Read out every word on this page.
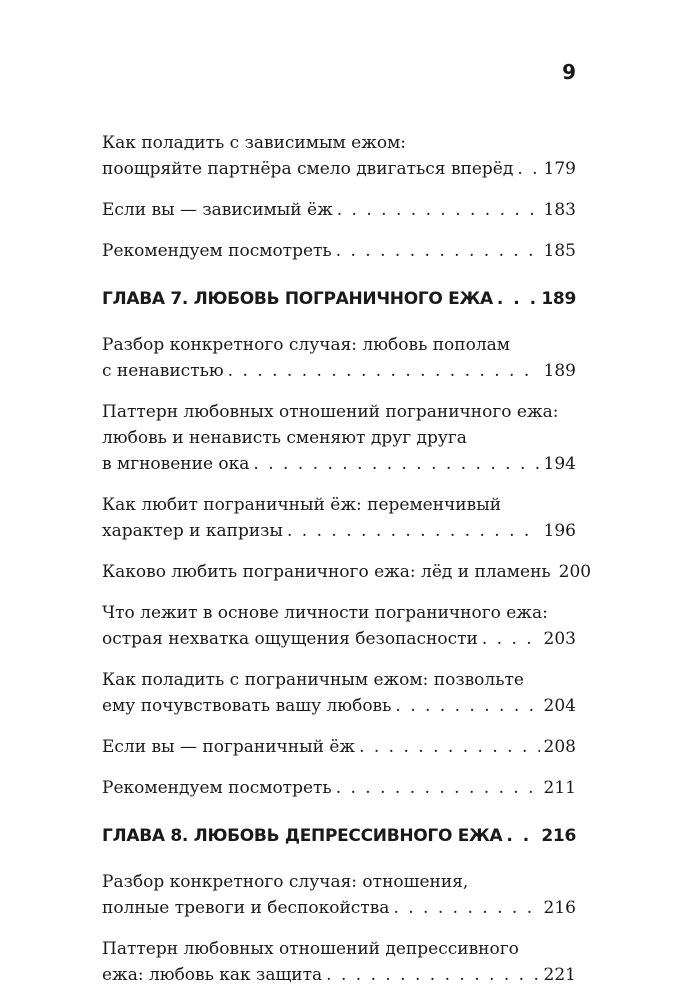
9
Как поладить с зависимым ежом:
поощряйте партнёра смело двигаться вперёд . . . 179
Если вы — зависимый ёж . . .	183
Рекомендуем посмотреть . . .	185
ГЛАВА 7. ЛЮБОВЬ ПОГРАНИЧНОГО ЕЖА . . .	189
Разбор конкретного случая: любовь пополам
с ненавистью . . .	189
Паттерн любовных отношений пограничного ежа:
любовь и ненависть сменяют друг друга
в мгновение ока . . .	194
Как любит пограничный ёж: переменчивый
характер и капризы . . .	196
Каково любить пограничного ежа: лёд и пламень 200
Что лежит в основе личности пограничного ежа:
острая нехватка ощущения безопасности . . .	203
Как поладить с пограничным ежом: позвольте
ему почувствовать вашу любовь . . .	204
Если вы — пограничный ёж . . .	208
Рекомендуем посмотреть . . .	211
ГЛАВА 8. ЛЮБОВЬ ДЕПРЕССИВНОГО ЕЖА . . . 216
Разбор конкретного случая: отношения,
полные тревоги и беспокойства . . .	216
Паттерн любовных отношений депрессивного
ежа: любовь как защита . . .	221
